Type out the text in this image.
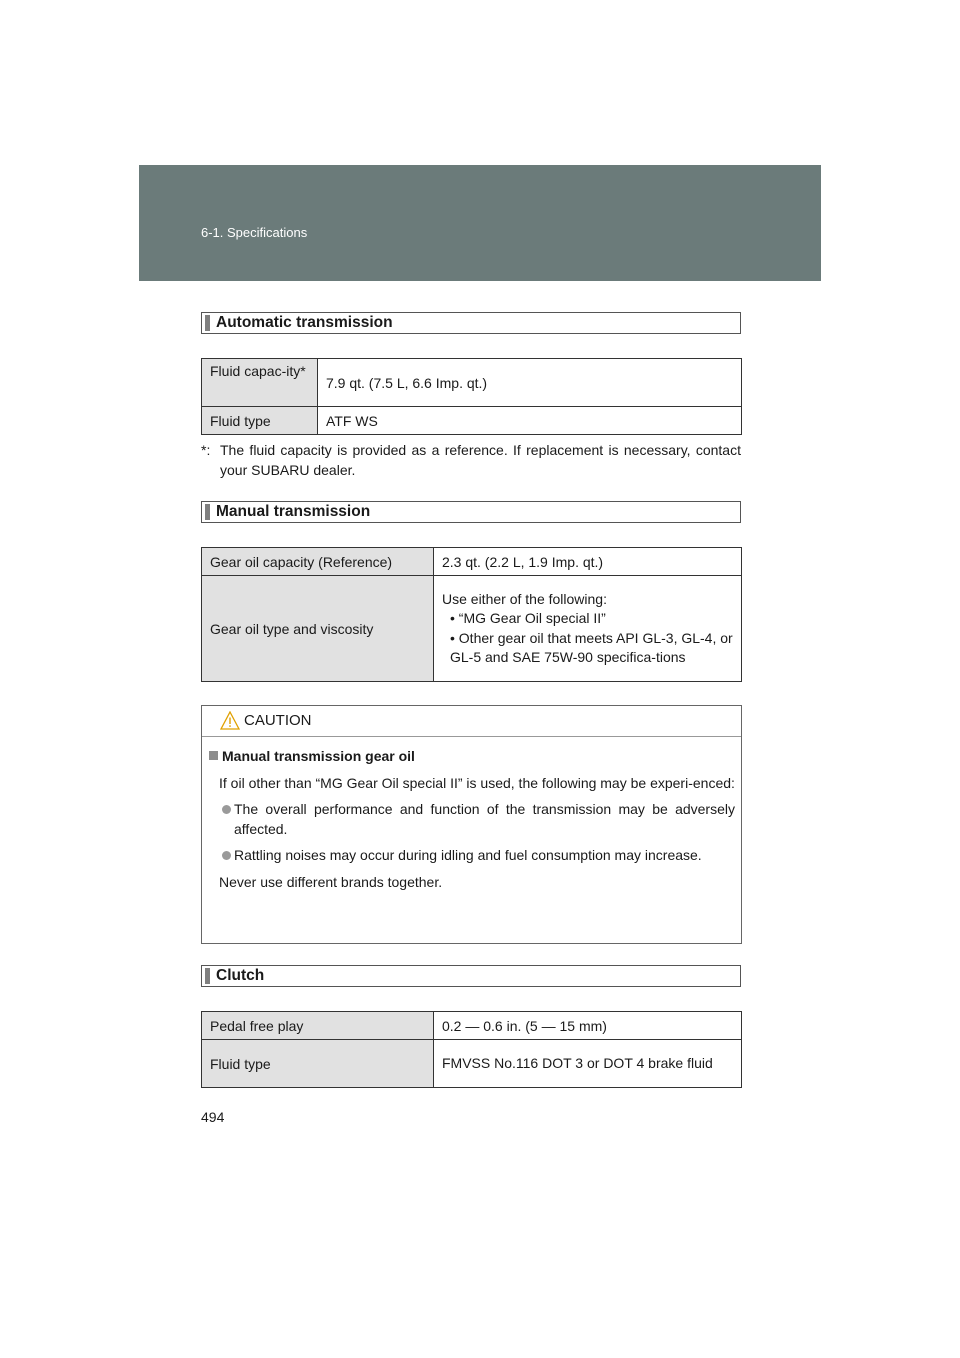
6-1. Specifications
Automatic transmission
Fluid capac-ity*	7.9 qt. (7.5 L, 6.6 Imp. qt.)
Fluid type	ATF WS
*: The fluid capacity is provided as a reference. If replacement is necessary, contact your SUBARU dealer.
Manual transmission
Gear oil capacity (Reference)	2.3 qt. (2.2 L, 1.9 Imp. qt.)
Gear oil type and viscosity	Use either of the following:
• “MG Gear Oil special II”
• Other gear oil that meets API GL-3, GL-4, or GL-5 and SAE 75W-90 specifica-tions
CAUTION
Manual transmission gear oil
If oil other than “MG Gear Oil special II” is used, the following may be experi-enced:
The overall performance and function of the transmission may be adversely affected.
Rattling noises may occur during idling and fuel consumption may increase.
Never use different brands together.
Clutch
Pedal free play	0.2 — 0.6 in. (5 — 15 mm)
Fluid type	FMVSS No.116 DOT 3 or DOT 4 brake fluid
494
